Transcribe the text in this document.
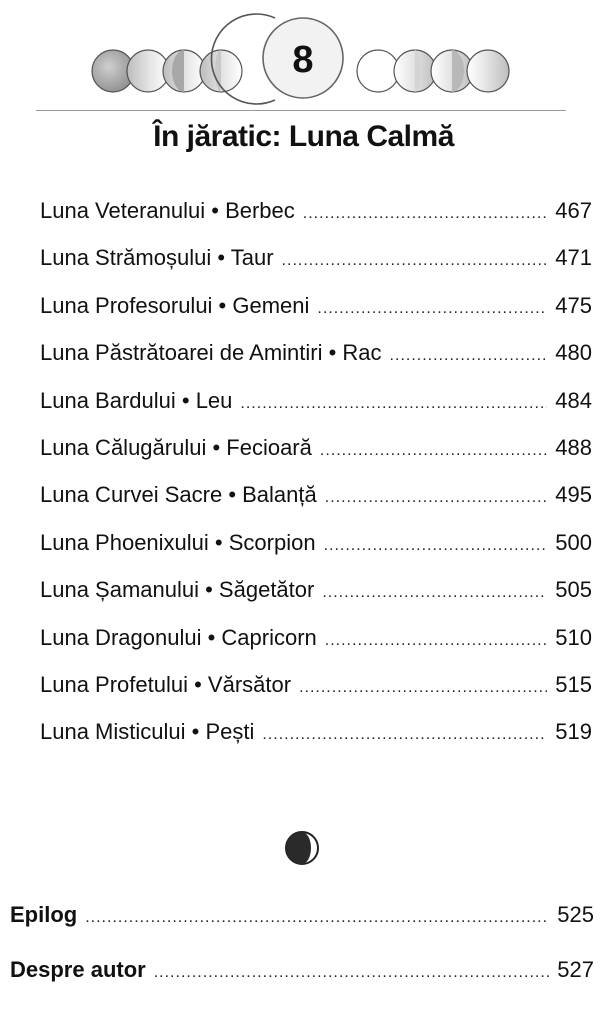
8
În jăratic: Luna Calmă
Luna Veteranului • Berbec .....	467
Luna Strămoșului • Taur .....	471
Luna Profesorului • Gemeni .....	475
Luna Păstrătoarei de Amintiri • Rac .....	480
Luna Bardului • Leu .....	484
Luna Călugărului • Fecioară .....	488
Luna Curvei Sacre • Balanță .....	495
Luna Phoenixului • Scorpion .....	500
Luna Șamanului • Săgetător .....	505
Luna Dragonului • Capricorn .....	510
Luna Profetului • Vărsător .....	515
Luna Misticului • Pești .....	519
Epilog .....	525
Despre autor .....	527
